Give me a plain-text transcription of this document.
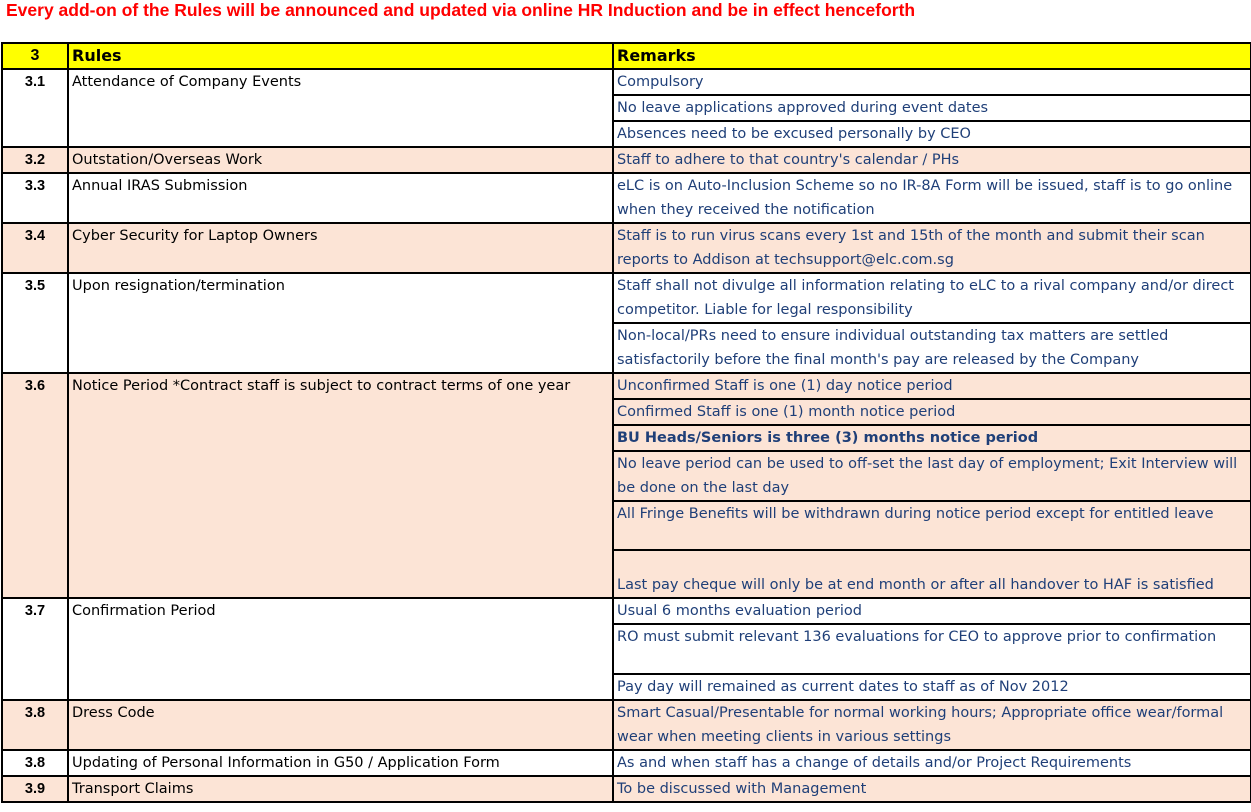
Every add-on of the Rules will be announced and updated via online HR Induction and be in effect henceforth
3	Rules	Remarks
3.1	Attendance of Company Events	Compulsory
		No leave applications approved during event dates
		Absences need to be excused personally by CEO
3.2	Outstation/Overseas Work	Staff to adhere to that country's calendar / PHs
3.3	Annual IRAS Submission	eLC is on Auto-Inclusion Scheme so no IR-8A Form will be issued, staff is to go online when they received the notification
3.4	Cyber Security for Laptop Owners	Staff is to run virus scans every 1st and 15th of the month and submit their scan reports to Addison at techsupport@elc.com.sg
3.5	Upon resignation/termination	Staff shall not divulge all information relating to eLC to a rival company and/or direct competitor. Liable for legal responsibility
		Non-local/PRs need to ensure individual outstanding tax matters are settled satisfactorily before the final month's pay are released by the Company
3.6	Notice Period *Contract staff is subject to contract terms of one year	Unconfirmed Staff is one (1) day notice period
		Confirmed Staff is one (1) month notice period
		BU Heads/Seniors is three (3) months notice period
		No leave period can be used to off-set the last day of employment; Exit Interview will be done on the last day
		All Fringe Benefits will be withdrawn during notice period except for entitled leave
		Last pay cheque will only be at end month or after all handover to HAF is satisfied
3.7	Confirmation Period	Usual 6 months evaluation period
		RO must submit relevant 136 evaluations for CEO to approve prior to confirmation
		Pay day will remained as current dates to staff as of Nov 2012
3.8	Dress Code	Smart Casual/Presentable for normal working hours; Appropriate office wear/formal wear when meeting clients in various settings
3.8	Updating of Personal Information in G50 / Application Form	As and when staff has a change of details and/or Project Requirements
3.9	Transport Claims	To be discussed with Management
